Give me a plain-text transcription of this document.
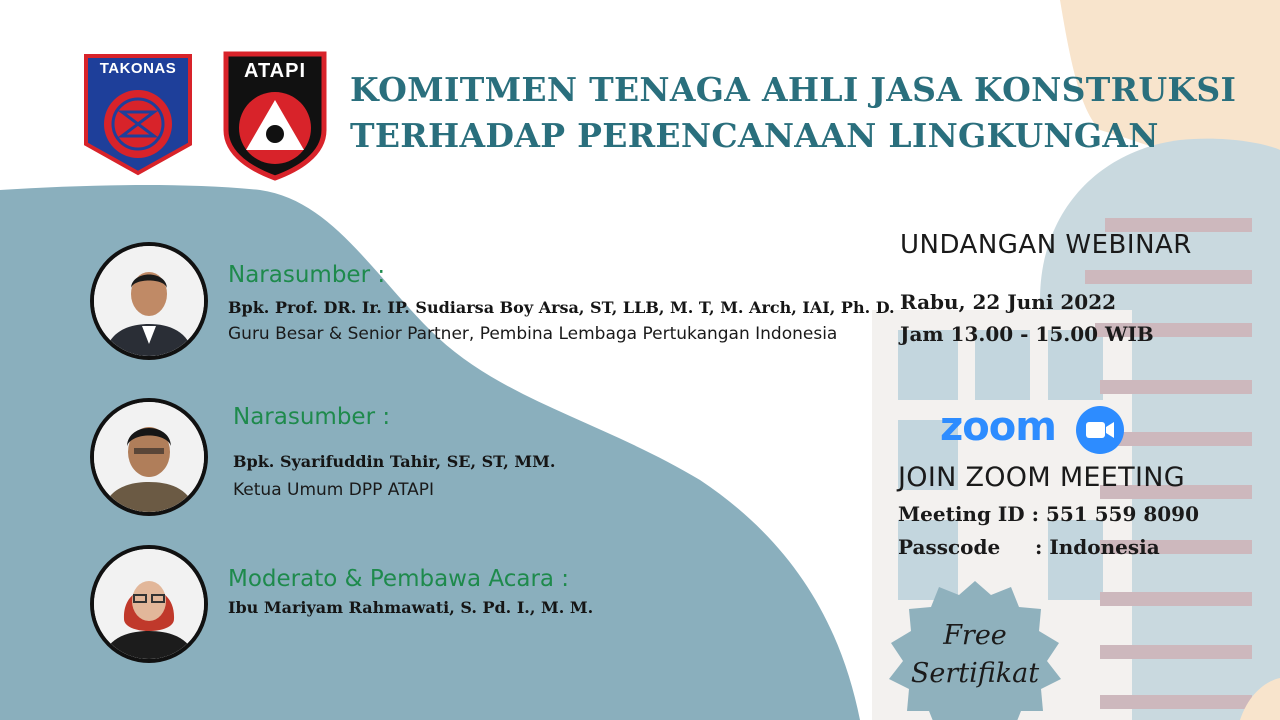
TAKONAS	ATAPI	KOMITMEN TENAGA AHLI JASA KONSTRUKSI
TERHADAP PERENCANAAN LINGKUNGAN
Narasumber :
Bpk. Prof. DR. Ir. IP. Sudiarsa Boy Arsa, ST, LLB, M. T, M. Arch, IAI, Ph. D.
Guru Besar & Senior Partner, Pembina Lembaga Pertukangan Indonesia
Narasumber :
Bpk. Syarifuddin Tahir, SE, ST, MM.
Ketua Umum DPP ATAPI
Moderato & Pembawa Acara :
Ibu Mariyam Rahmawati, S. Pd. I., M. M.
UNDANGAN WEBINAR
Rabu, 22 Juni 2022
Jam 13.00 - 15.00 WIB
zoom
JOIN ZOOM MEETING
Meeting ID : 551 559 8090
Passcode     : Indonesia
Free
Sertifikat
